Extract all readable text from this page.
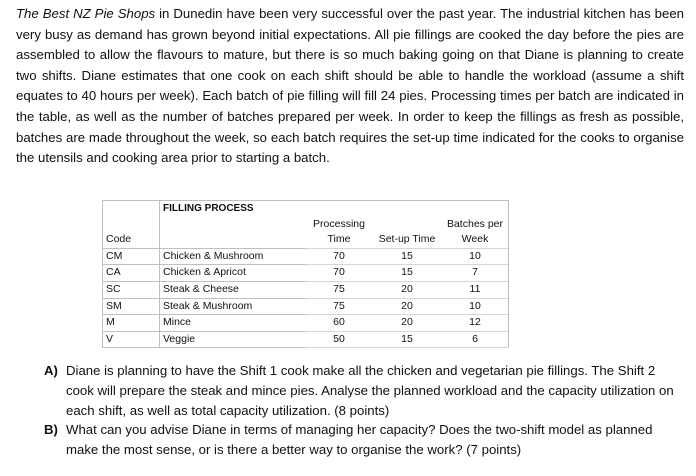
The Best NZ Pie Shops in Dunedin have been very successful over the past year. The industrial kitchen has been very busy as demand has grown beyond initial expectations. All pie fillings are cooked the day before the pies are assembled to allow the flavours to mature, but there is so much baking going on that Diane is planning to create two shifts. Diane estimates that one cook on each shift should be able to handle the workload (assume a shift equates to 40 hours per week). Each batch of pie filling will fill 24 pies. Processing times per batch are indicated in the table, as well as the number of batches prepared per week. In order to keep the fillings as fresh as possible, batches are made throughout the week, so each batch requires the set-up time indicated for the cooks to organise the utensils and cooking area prior to starting a batch.

	FILLING PROCESS			
		Processing		Batches per
Code		Time	Set-up Time	Week
CM	Chicken & Mushroom	70	15	10
CA	Chicken & Apricot	70	15	7
SC	Steak & Cheese	75	20	11
SM	Steak & Mushroom	75	20	10
M	Mince	60	20	12
V	Veggie	50	15	6
A) Diane is planning to have the Shift 1 cook make all the chicken and vegetarian pie fillings. The Shift 2 cook will prepare the steak and mince pies. Analyse the planned workload and the capacity utilization on each shift, as well as total capacity utilization. (8 points)
B) What can you advise Diane in terms of managing her capacity? Does the two-shift model as planned make the most sense, or is there a better way to organise the work? (7 points)
